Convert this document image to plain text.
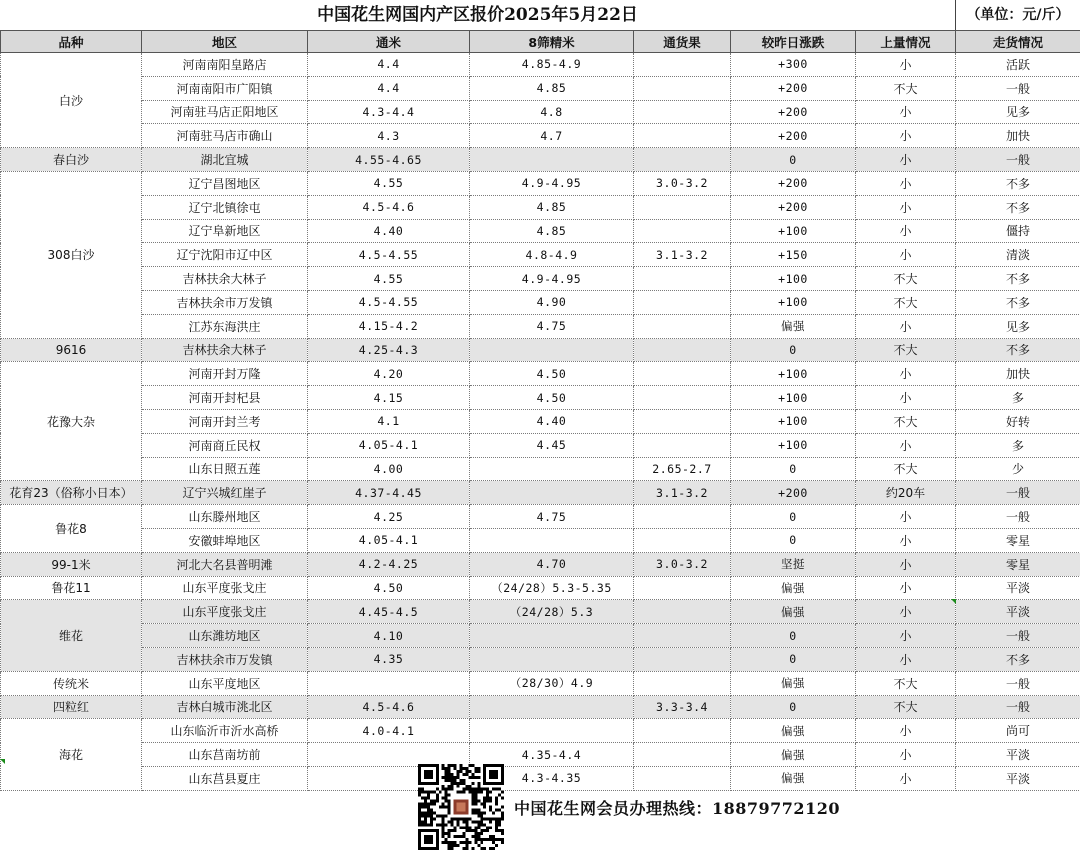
中国花生网国内产区报价2025年5月22日	（单位：元/斤）
品种	地区	通米	8筛精米	通货果	较昨日涨跌	上量情况	走货情况
白沙	河南南阳皇路店	4.4	4.85-4.9		+300	小	活跃
	河南南阳市广阳镇	4.4	4.85		+200	不大	一般
	河南驻马店正阳地区	4.3-4.4	4.8		+200	小	见多
	河南驻马店市确山	4.3	4.7		+200	小	加快
春白沙	湖北宜城	4.55-4.65			0	小	一般
308白沙	辽宁昌图地区	4.55	4.9-4.95	3.0-3.2	+200	小	不多
	辽宁北镇徐屯	4.5-4.6	4.85		+200	小	不多
	辽宁阜新地区	4.40	4.85		+100	小	僵持
	辽宁沈阳市辽中区	4.5-4.55	4.8-4.9	3.1-3.2	+150	小	清淡
	吉林扶余大林子	4.55	4.9-4.95		+100	不大	不多
	吉林扶余市万发镇	4.5-4.55	4.90		+100	不大	不多
	江苏东海洪庄	4.15-4.2	4.75		偏强	小	见多
9616	吉林扶余大林子	4.25-4.3			0	不大	不多
花豫大杂	河南开封万隆	4.20	4.50		+100	小	加快
	河南开封杞县	4.15	4.50		+100	小	多
	河南开封兰考	4.1	4.40		+100	不大	好转
	河南商丘民权	4.05-4.1	4.45		+100	小	多
	山东日照五莲	4.00		2.65-2.7	0	不大	少
花育23（俗称小日本）	辽宁兴城红崖子	4.37-4.45		3.1-3.2	+200	约20车	一般
鲁花8	山东滕州地区	4.25	4.75		0	小	一般
	安徽蚌埠地区	4.05-4.1			0	小	零星
99-1米	河北大名县普明滩	4.2-4.25	4.70	3.0-3.2	坚挺	小	零星
鲁花11	山东平度张戈庄	4.50	（24/28）5.3-5.35		偏强	小	平淡
维花	山东平度张戈庄	4.45-4.5	（24/28）5.3		偏强	小	平淡
	山东潍坊地区	4.10			0	小	一般
	吉林扶余市万发镇	4.35			0	小	不多
传统米	山东平度地区		（28/30）4.9		偏强	不大	一般
四粒红	吉林白城市洮北区	4.5-4.6		3.3-3.4	0	不大	一般
海花	山东临沂市沂水高桥	4.0-4.1			偏强	小	尚可
	山东莒南坊前		4.35-4.4		偏强	小	平淡
	山东莒县夏庄		4.3-4.35		偏强	小	平淡
中国花生网会员办理热线：18879772120
